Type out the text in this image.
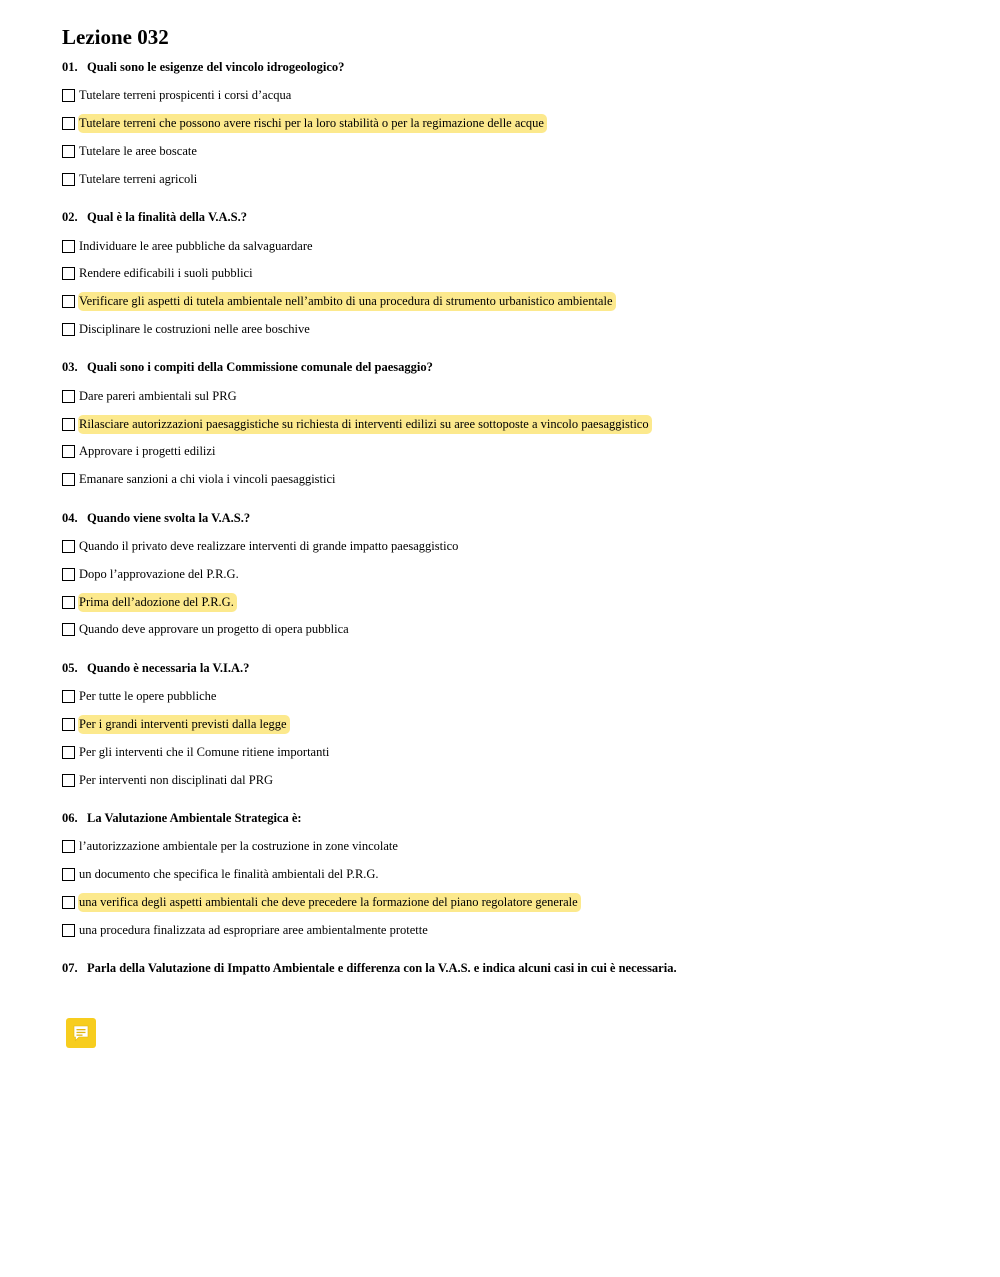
Lezione 032
01. Quali sono le esigenze del vincolo idrogeologico?
Tutelare terreni prospicenti i corsi d’acqua
Tutelare terreni che possono avere rischi per la loro stabilità o per la regimazione delle acque
Tutelare le aree boscate
Tutelare terreni agricoli
02. Qual è la finalità della V.A.S.?
Individuare le aree pubbliche da salvaguardare
Rendere edificabili i suoli pubblici
Verificare gli aspetti di tutela ambientale nell’ambito di una procedura di strumento urbanistico ambientale
Disciplinare le costruzioni nelle aree boschive
03. Quali sono i compiti della Commissione comunale del paesaggio?
Dare pareri ambientali sul PRG
Rilasciare autorizzazioni paesaggistiche su richiesta di interventi edilizi su aree sottoposte a vincolo paesaggistico
Approvare i progetti edilizi
Emanare sanzioni a chi viola i vincoli paesaggistici
04. Quando viene svolta la V.A.S.?
Quando il privato deve realizzare interventi di grande impatto paesaggistico
Dopo l’approvazione del P.R.G.
Prima dell’adozione del P.R.G.
Quando deve approvare un progetto di opera pubblica
05. Quando è necessaria la V.I.A.?
Per tutte le opere pubbliche
Per i grandi interventi previsti dalla legge
Per gli interventi che il Comune ritiene importanti
Per interventi non disciplinati dal PRG
06. La Valutazione Ambientale Strategica è:
l’autorizzazione ambientale per la costruzione in zone vincolate
un documento che specifica le finalità ambientali del P.R.G.
una verifica degli aspetti ambientali che deve precedere la formazione del piano regolatore generale
una procedura finalizzata ad espropriare aree ambientalmente protette
07. Parla della Valutazione di Impatto Ambientale e differenza con la V.A.S. e indica alcuni casi in cui è necessaria.
